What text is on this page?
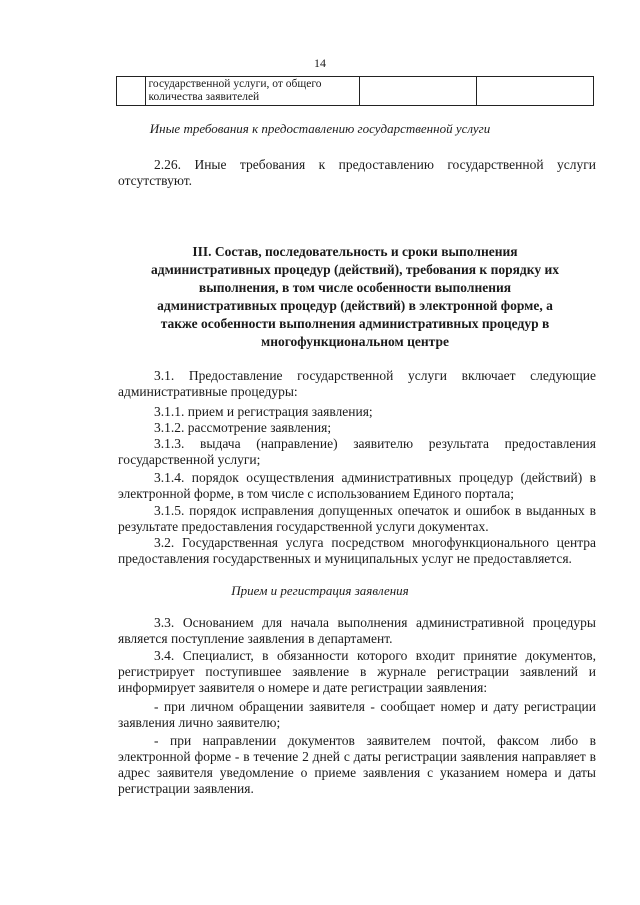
14

государственной услуги, от общего
количества заявителей

Иные требования к предоставлению государственной услуги
2.26. Иные требования к предоставлению государственной услуги отсутствуют.
III. Состав, последовательность и сроки выполнения административных процедур (действий), требования к порядку их выполнения, в том числе особенности выполнения административных процедур (действий) в электронной форме, а также особенности выполнения административных процедур в многофункциональном центре
3.1. Предоставление государственной услуги включает следующие административные процедуры:
3.1.1. прием и регистрация заявления;
3.1.2. рассмотрение заявления;
3.1.3. выдача (направление) заявителю результата предоставления государственной услуги;
3.1.4. порядок осуществления административных процедур (действий) в электронной форме, в том числе с использованием Единого портала;
3.1.5. порядок исправления допущенных опечаток и ошибок в выданных в результате предоставления государственной услуги документах.
3.2. Государственная услуга посредством многофункционального центра предоставления государственных и муниципальных услуг не предоставляется.
Прием и регистрация заявления
3.3. Основанием для начала выполнения административной процедуры является поступление заявления в департамент.
3.4. Специалист, в обязанности которого входит принятие документов, регистрирует поступившее заявление в журнале регистрации заявлений и информирует заявителя о номере и дате регистрации заявления:
- при личном обращении заявителя - сообщает номер и дату регистрации заявления лично заявителю;
- при направлении документов заявителем почтой, факсом либо в электронной форме - в течение 2 дней с даты регистрации заявления направляет в адрес заявителя уведомление о приеме заявления с указанием номера и даты регистрации заявления.
